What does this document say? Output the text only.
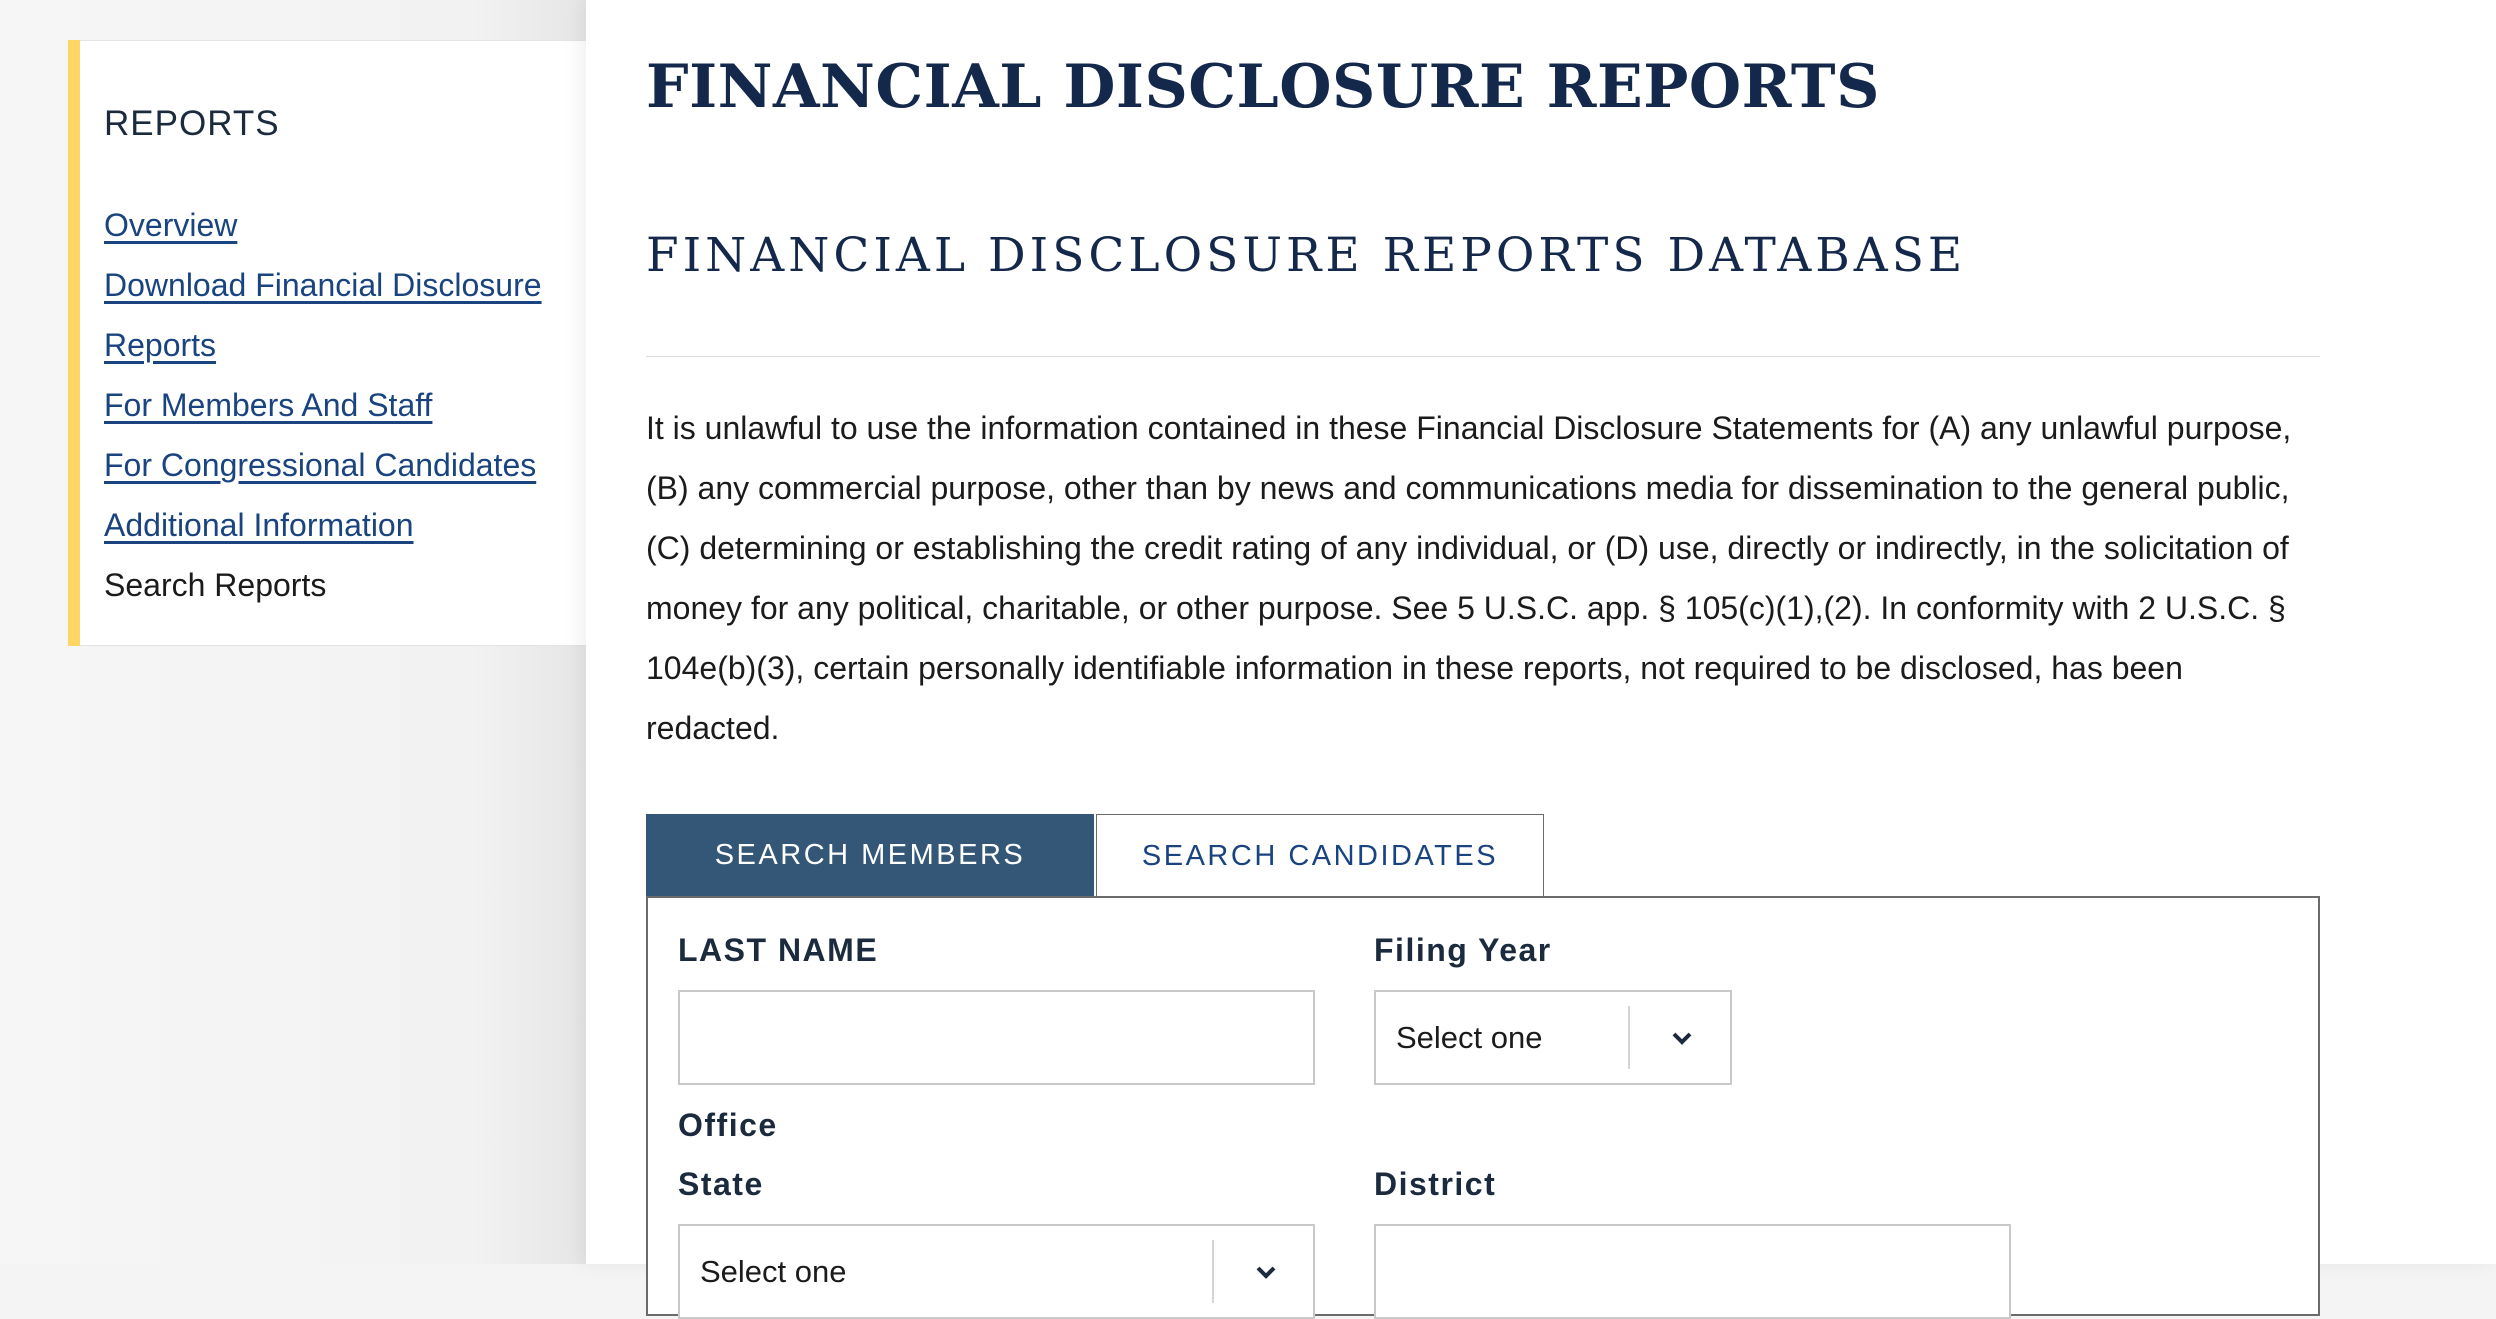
REPORTS
Overview
Download Financial Disclosure Reports
For Members And Staff
For Congressional Candidates
Additional Information
Search Reports
FINANCIAL DISCLOSURE REPORTS
FINANCIAL DISCLOSURE REPORTS DATABASE

It is unlawful to use the information contained in these Financial Disclosure Statements for (A) any unlawful purpose, (B) any commercial purpose, other than by news and communications media for dissemination to the general public, (C) determining or establishing the credit rating of any individual, or (D) use, directly or indirectly, in the solicitation of money for any political, charitable, or other purpose. See 5 U.S.C. app. § 105(c)(1),(2). In conformity with 2 U.S.C. § 104e(b)(3), certain personally identifiable information in these reports, not required to be disclosed, has been redacted.

SEARCH MEMBERS	SEARCH CANDIDATES
LAST NAME	Filing Year
Select one
Office
State
Select one
District
